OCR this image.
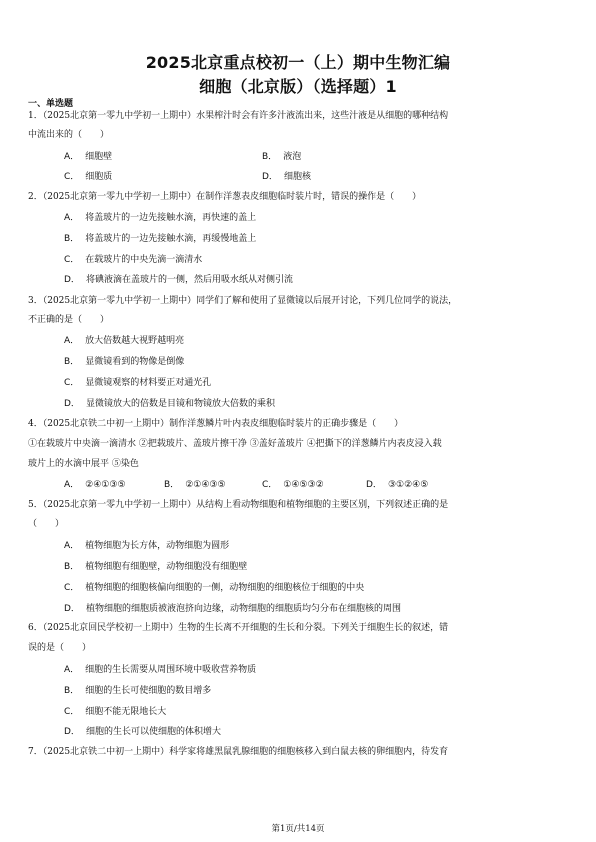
2025北京重点校初一（上）期中生物汇编
细胞（北京版）（选择题）1
一、单选题
1．（2025北京第一零九中学初一上期中）水果榨汁时会有许多汁液流出来，这些汁液是从细胞的哪种结构
中流出来的（　　）
A． 细胞壁	B． 液泡
C． 细胞质	D． 细胞核
2．（2025北京第一零九中学初一上期中）在制作洋葱表皮细胞临时装片时，错误的操作是（　　）
A． 将盖玻片的一边先接触水滴，再快速的盖上
B． 将盖玻片的一边先接触水滴，再缓慢地盖上
C． 在载玻片的中央先滴一滴清水
D． 将碘液滴在盖玻片的一侧，然后用吸水纸从对侧引流
3．（2025北京第一零九中学初一上期中）同学们了解和使用了显微镜以后展开讨论，下列几位同学的说法，
不正确的是（　　）
A． 放大倍数越大视野越明亮
B． 显微镜看到的物像是倒像
C． 显微镜观察的材料要正对通光孔
D． 显微镜放大的倍数是目镜和物镜放大倍数的乘积
4．（2025北京铁二中初一上期中）制作洋葱鳞片叶内表皮细胞临时装片的正确步骤是（　　）
①在载玻片中央滴一滴清水 ②把载玻片、盖玻片擦干净 ③盖好盖玻片 ④把撕下的洋葱鳞片内表皮浸入载
玻片上的水滴中展平 ⑤染色
A． ②④①③⑤	B． ②①④③⑤	C． ①④⑤③②	D． ③①②④⑤
5．（2025北京第一零九中学初一上期中）从结构上看动物细胞和植物细胞的主要区别，下列叙述正确的是
（　　）
A． 植物细胞为长方体，动物细胞为圆形
B． 植物细胞有细胞壁，动物细胞没有细胞壁
C． 植物细胞的细胞核偏向细胞的一侧，动物细胞的细胞核位于细胞的中央
D． 植物细胞的细胞质被液泡挤向边缘，动物细胞的细胞质均匀分布在细胞核的周围
6．（2025北京回民学校初一上期中）生物的生长离不开细胞的生长和分裂。下列关于细胞生长的叙述，错
误的是（　　）
A． 细胞的生长需要从周围环境中吸收营养物质
B． 细胞的生长可使细胞的数目增多
C． 细胞不能无限地长大
D． 细胞的生长可以使细胞的体积增大
7．（2025北京铁二中初一上期中）科学家将雄黑鼠乳腺细胞的细胞核移入到白鼠去核的卵细胞内，待发育
第1页/共14页
